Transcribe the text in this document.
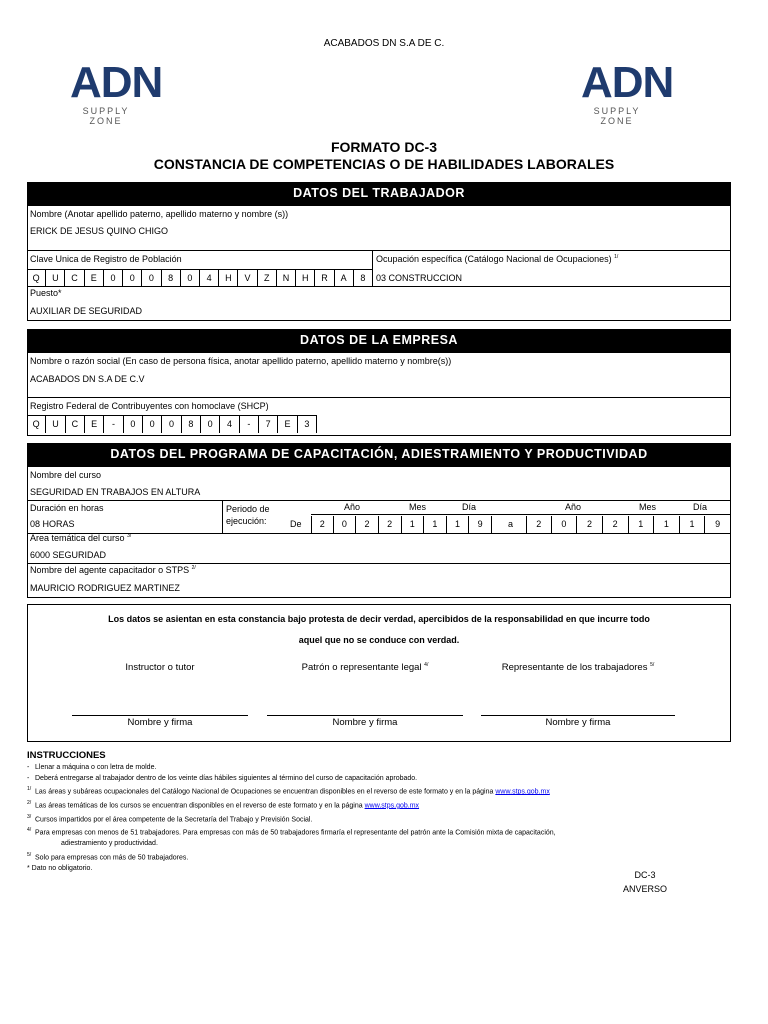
ACABADOS DN S.A DE C.
ADN
SUPPLY ZONE
ADN
SUPPLY ZONE
FORMATO DC-3
CONSTANCIA DE COMPETENCIAS O DE HABILIDADES LABORALES
DATOS DEL TRABAJADOR
Nombre (Anotar apellido paterno, apellido materno y nombre (s))
ERICK DE JESUS QUINO CHIGO
Clave Unica de Registro de Población	Ocupación específica (Catálogo Nacional de Ocupaciones) $^{1/}$
Q	U	C	E	0	0	0	8	0	4	H	V	Z	N	H	R	A	8	03 CONSTRUCCION
Puesto*
AUXILIAR DE SEGURIDAD
DATOS DE LA EMPRESA
Nombre o razón social (En caso de persona física, anotar apellido paterno, apellido materno y nombre(s))
ACABADOS DN S.A DE C.V
Registro Federal de Contribuyentes con homoclave (SHCP)
Q	U	C	E	-	0	0	0	8	0	4	-	7	E	3
DATOS DEL PROGRAMA DE CAPACITACIÓN, ADIESTRAMIENTO Y PRODUCTIVIDAD
Nombre del curso
SEGURIDAD EN TRABAJOS EN ALTURA
Duración en horas
08 HORAS
Periodo de
ejecución:	De
Año	Mes	Día
2	0	2	2	1	1	1	9	a
Año	Mes	Día
2	0	2	2	1	1	1	9
Área temática del curso $^{3/}$
6000 SEGURIDAD
Nombre del agente capacitador o STPS $^{2/}$
MAURICIO RODRIGUEZ MARTINEZ
Los datos se asientan en esta constancia bajo protesta de decir verdad, apercibidos de la responsabilidad en que incurre todo
aquel que no se conduce con verdad.
Instructor o tutor	Patrón o representante legal $^{4/}$	Representante de los trabajadores $^{5/}$
Nombre y firma	Nombre y firma	Nombre y firma
INSTRUCCIONES
- Llenar a máquina o con letra de molde.
- Deberá entregarse al trabajador dentro de los veinte días hábiles siguientes al término del curso de capacitación aprobado.
1/ Las áreas y subáreas ocupacionales del Catálogo Nacional de Ocupaciones se encuentran disponibles en el reverso de este formato y en la página www.stps.gob.mx
2/ Las áreas temáticas de los cursos se encuentran disponibles en el reverso de este formato y en la página www.stps.gob.mx
3/ Cursos impartidos por el área competente de la Secretaría del Trabajo y Previsión Social.
4/ Para empresas con menos de 51 trabajadores. Para empresas con más de 50 trabajadores firmaría el representante del patrón ante la Comisión mixta de capacitación,
adiestramiento y productividad.
5/ Solo para empresas con más de 50 trabajadores.
* Dato no obligatorio.
DC-3
ANVERSO
